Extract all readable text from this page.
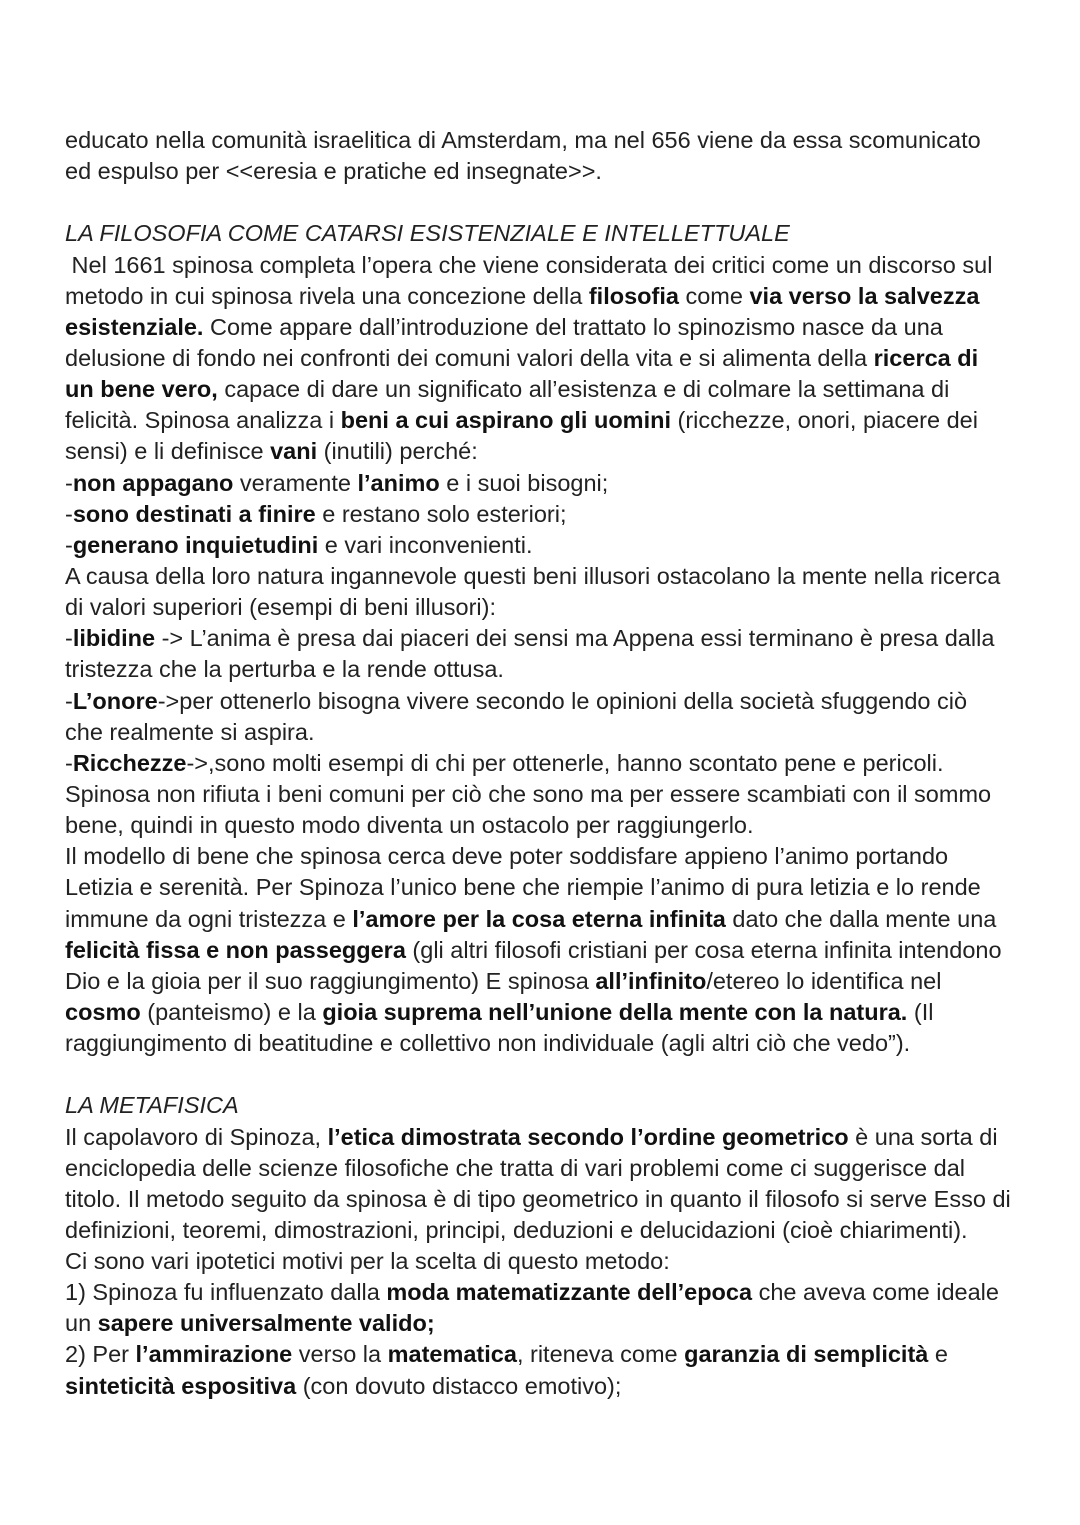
educato nella comunità israelitica di Amsterdam, ma nel 656 viene da essa scomunicato
ed espulso per <<eresia e pratiche ed insegnate>>.
LA FILOSOFIA COME CATARSI ESISTENZIALE E INTELLETTUALE
Nel 1661 spinosa completa l’opera che viene considerata dei critici come un discorso sul
metodo in cui spinosa rivela una concezione della filosofia come via verso la salvezza
esistenziale. Come appare dall’introduzione del trattato lo spinozismo nasce da una
delusione di fondo nei confronti dei comuni valori della vita e si alimenta della ricerca di
un bene vero, capace di dare un significato all’esistenza e di colmare la settimana di
felicità. Spinosa analizza i beni a cui aspirano gli uomini (ricchezze, onori, piacere dei
sensi) e li definisce vani (inutili) perché:
-non appagano veramente l’animo e i suoi bisogni;
-sono destinati a finire e restano solo esteriori;
-generano inquietudini e vari inconvenienti.
A causa della loro natura ingannevole questi beni illusori ostacolano la mente nella ricerca
di valori superiori (esempi di beni illusori):
-libidine -> L’anima è presa dai piaceri dei sensi ma Appena essi terminano è presa dalla
tristezza che la perturba e la rende ottusa.
-L’onore->per ottenerlo bisogna vivere secondo le opinioni della società sfuggendo ciò
che realmente si aspira.
-Ricchezze->,sono molti esempi di chi per ottenerle, hanno scontato pene e pericoli.
Spinosa non rifiuta i beni comuni per ciò che sono ma per essere scambiati con il sommo
bene, quindi in questo modo diventa un ostacolo per raggiungerlo.
Il modello di bene che spinosa cerca deve poter soddisfare appieno l’animo portando
Letizia e serenità. Per Spinoza l’unico bene che riempie l’animo di pura letizia e lo rende
immune da ogni tristezza e l’amore per la cosa eterna infinita dato che dalla mente una
felicità fissa e non passeggera (gli altri filosofi cristiani per cosa eterna infinita intendono
Dio e la gioia per il suo raggiungimento) E spinosa all’infinito/etereo lo identifica nel
cosmo (panteismo) e la gioia suprema nell’unione della mente con la natura. (Il
raggiungimento di beatitudine e collettivo non individuale (agli altri ciò che vedo”).
LA METAFISICA
Il capolavoro di Spinoza, l’etica dimostrata secondo l’ordine geometrico è una sorta di
enciclopedia delle scienze filosofiche che tratta di vari problemi come ci suggerisce dal
titolo. Il metodo seguito da spinosa è di tipo geometrico in quanto il filosofo si serve Esso di
definizioni, teoremi, dimostrazioni, principi, deduzioni e delucidazioni (cioè chiarimenti).
Ci sono vari ipotetici motivi per la scelta di questo metodo:
1) Spinoza fu influenzato dalla moda matematizzante dell’epoca che aveva come ideale
un sapere universalmente valido;
2) Per l’ammirazione verso la matematica, riteneva come garanzia di semplicità e
sinteticità espositiva (con dovuto distacco emotivo);
